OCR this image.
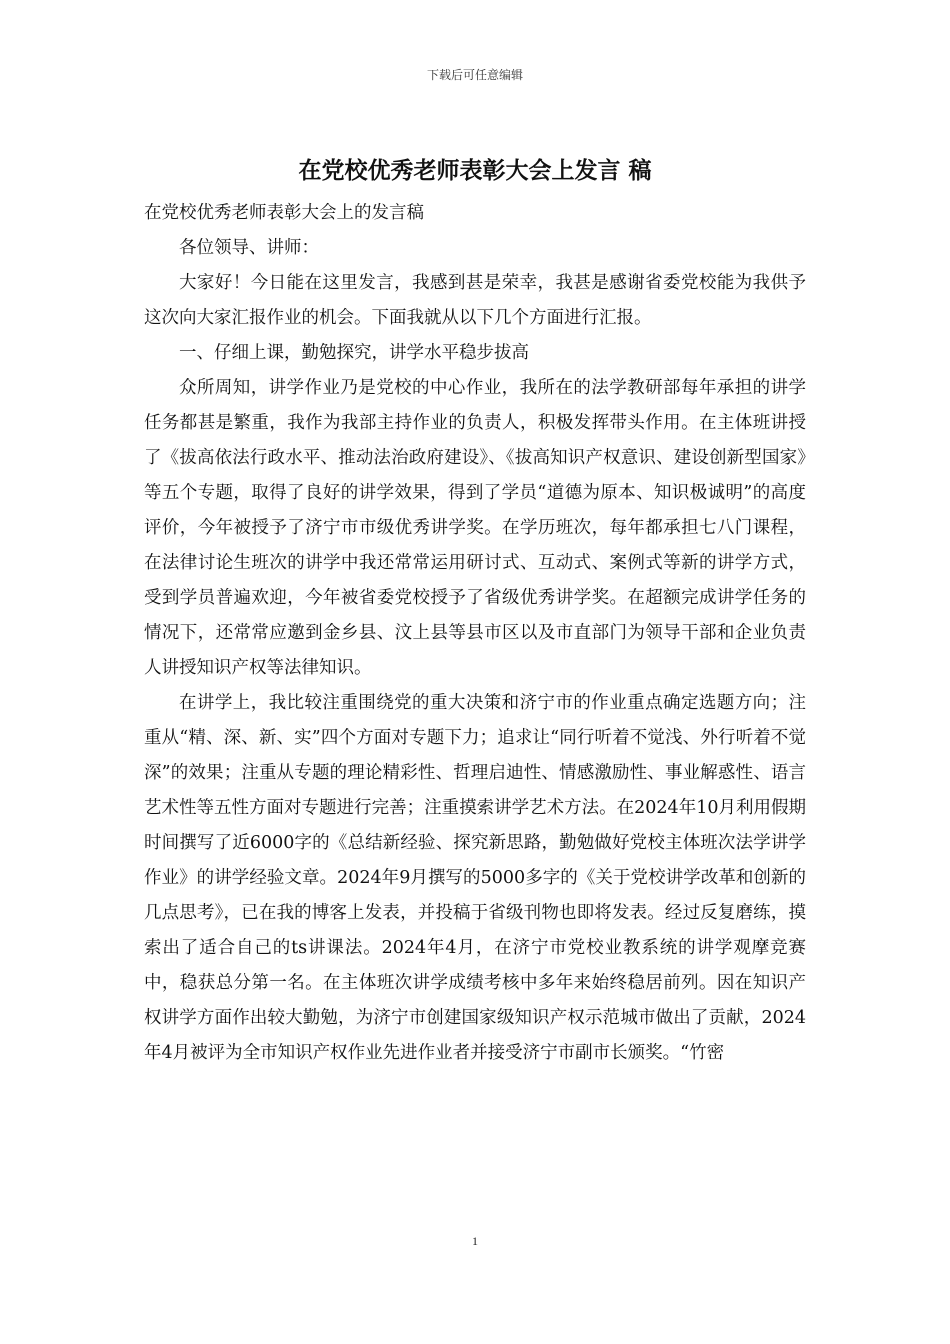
下载后可任意编辑
在党校优秀老师表彰大会上发言 稿

在党校优秀老师表彰大会上的发言稿

各位领导、讲师：

大家好！今日能在这里发言，我感到甚是荣幸，我甚是感谢省委党校能为我供予这次向大家汇报作业的机会。下面我就从以下几个方面进行汇报。

一、仔细上课，勤勉探究，讲学水平稳步拔高

众所周知，讲学作业乃是党校的中心作业，我所在的法学教研部每年承担的讲学任务都甚是繁重，我作为我部主持作业的负责人，积极发挥带头作用。在主体班讲授了《拔高依法行政水平、推动法治政府建设》、《拔高知识产权意识、建设创新型国家》等五个专题，取得了良好的讲学效果，得到了学员“道德为原本、知识极诚明”的高度评价，今年被授予了济宁市市级优秀讲学奖。在学历班次，每年都承担七八门课程，在法律讨论生班次的讲学中我还常常运用研讨式、互动式、案例式等新的讲学方式，受到学员普遍欢迎，今年被省委党校授予了省级优秀讲学奖。在超额完成讲学任务的情况下，还常常应邀到金乡县、汶上县等县市区以及市直部门为领导干部和企业负责人讲授知识产权等法律知识。

在讲学上，我比较注重围绕党的重大决策和济宁市的作业重点确定选题方向；注重从“精、深、新、实”四个方面对专题下力；追求让“同行听着不觉浅、外行听着不觉深”的效果；注重从专题的理论精彩性、哲理启迪性、情感激励性、事业解惑性、语言艺术性等五性方面对专题进行完善；注重摸索讲学艺术方法。在2024年10月利用假期时间撰写了近6000字的《总结新经验、探究新思路，勤勉做好党校主体班次法学讲学作业》的讲学经验文章。2024年9月撰写的5000多字的《关于党校讲学改革和创新的几点思考》，已在我的博客上发表，并投稿于省级刊物也即将发表。经过反复磨练，摸索出了适合自己的ts讲课法。2024年4月，在济宁市党校业教系统的讲学观摩竞赛中，稳获总分第一名。在主体班次讲学成绩考核中多年来始终稳居前列。因在知识产权讲学方面作出较大勤勉，为济宁市创建国家级知识产权示范城市做出了贡献，2024年4月被评为全市知识产权作业先进作业者并接受济宁市副市长颁奖。“竹密

1
